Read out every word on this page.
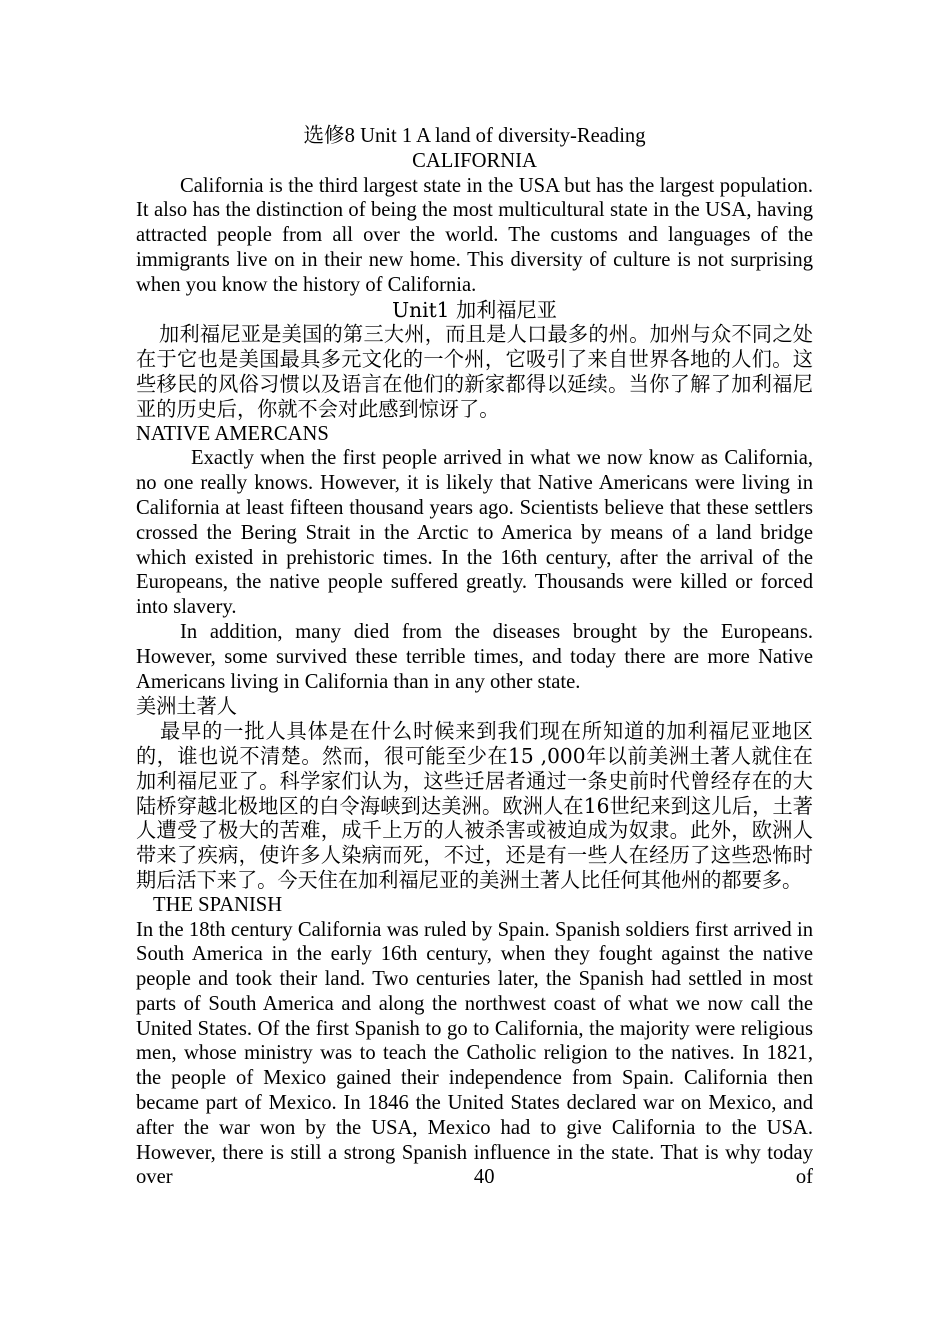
选修8 Unit 1 A land of diversity-Reading

CALIFORNIA

California is the third largest state in the USA but has the largest population. It also has the distinction of being the most multicultural state in the USA, having attracted people from all over the world. The customs and languages of the immigrants live on in their new home. This diversity of culture is not surprising when you know the history of California.

Unit1 加利福尼亚

加利福尼亚是美国的第三大州，而且是人口最多的州。加州与众不同之处在于它也是美国最具多元文化的一个州，它吸引了来自世界各地的人们。这些移民的风俗习惯以及语言在他们的新家都得以延续。当你了解了加利福尼亚的历史后，你就不会对此感到惊讶了。

NATIVE AMERCANS

Exactly when the first people arrived in what we now know as California, no one really knows. However, it is likely that Native Americans were living in California at least fifteen thousand years ago. Scientists believe that these settlers crossed the Bering Strait in the Arctic to America by means of a land bridge which existed in prehistoric times. In the 16th century, after the arrival of the Europeans, the native people suffered greatly. Thousands were killed or forced into slavery.

In addition, many died from the diseases brought by the Europeans. However, some survived these terrible times, and today there are more Native Americans living in California than in any other state.

美洲土著人

最早的一批人具体是在什么时候来到我们现在所知道的加利福尼亚地区的，谁也说不清楚。然而，很可能至少在15 ,000年以前美洲土著人就住在加利福尼亚了。科学家们认为，这些迁居者通过一条史前时代曾经存在的大陆桥穿越北极地区的白令海峡到达美洲。欧洲人在16世纪来到这儿后，土著人遭受了极大的苦难，成千上万的人被杀害或被迫成为奴隶。此外，欧洲人带来了疾病，使许多人染病而死，不过，还是有一些人在经历了这些恐怖时期后活下来了。今天住在加利福尼亚的美洲土著人比任何其他州的都要多。

THE SPANISH

In the 18th century California was ruled by Spain. Spanish soldiers first arrived in South America in the early 16th century, when they fought against the native people and took their land. Two centuries later, the Spanish had settled in most parts of South America and along the northwest coast of what we now call the United States. Of the first Spanish to go to California, the majority were religious men, whose ministry was to teach the Catholic religion to the natives. In 1821, the people of Mexico gained their independence from Spain. California then became part of Mexico. In 1846 the United States declared war on Mexico, and after the war won by the USA, Mexico had to give California to the USA. However, there is still a strong Spanish influence in the state. That is why today over 40 of
